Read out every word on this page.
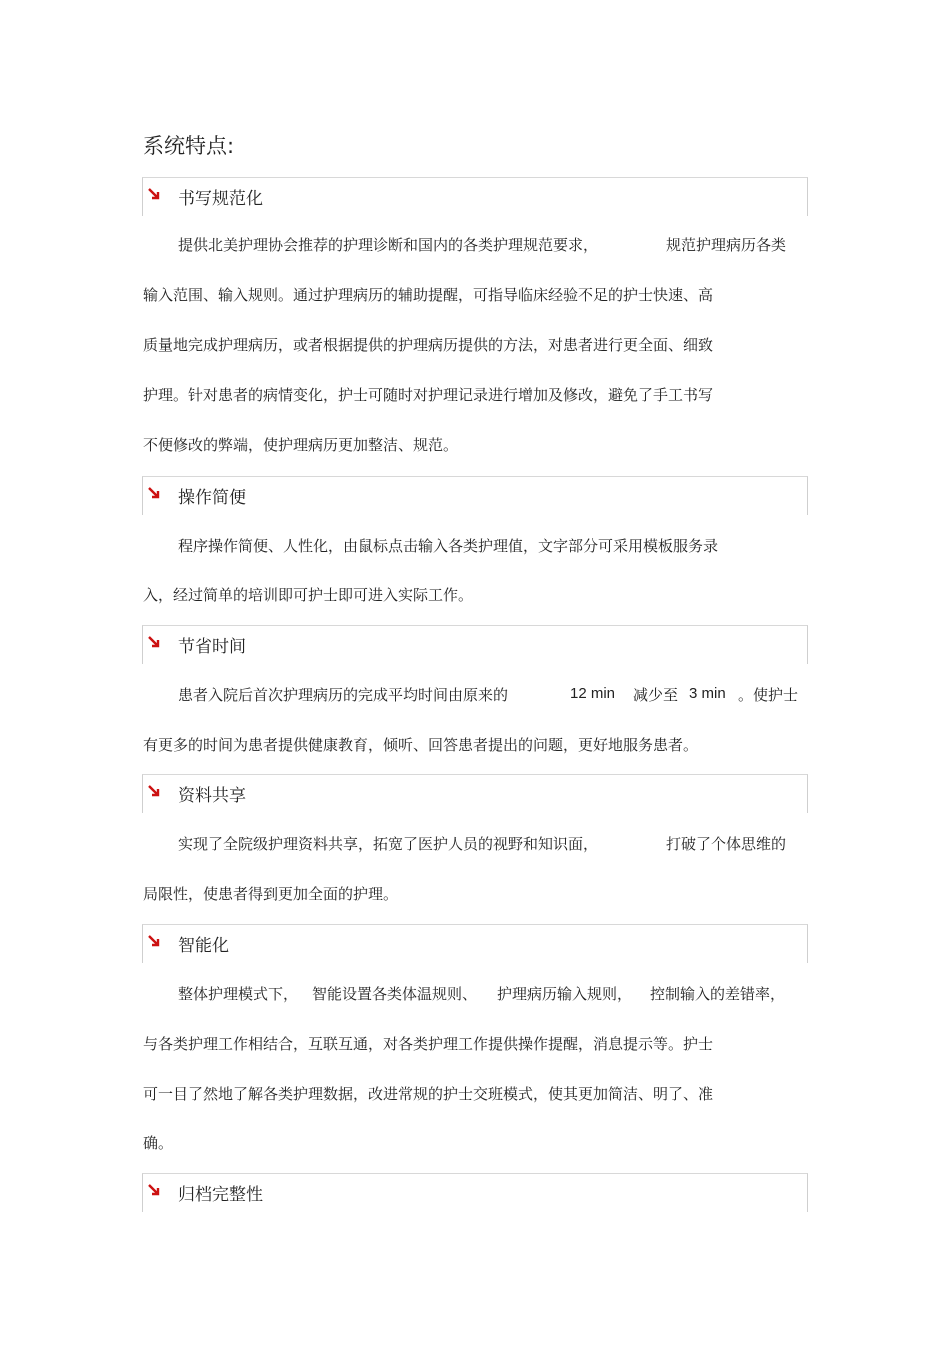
系统特点:
书写规范化
提供北美护理协会推荐的护理诊断和国内的各类护理规范要求，	规范护理病历各类
输入范围、输入规则。通过护理病历的辅助提醒，可指导临床经验不足的护士快速、高
质量地完成护理病历，或者根据提供的护理病历提供的方法，对患者进行更全面、细致
护理。针对患者的病情变化，护士可随时对护理记录进行增加及修改，避免了手工书写
不便修改的弊端，使护理病历更加整洁、规范。
操作简便
程序操作简便、人性化，由鼠标点击输入各类护理值，文字部分可采用模板服务录
入，经过简单的培训即可护士即可进入实际工作。
节省时间
患者入院后首次护理病历的完成平均时间由原来的	12 min 减少至 3 min 。使护士
有更多的时间为患者提供健康教育，倾听、回答患者提出的问题，更好地服务患者。
资料共享
实现了全院级护理资料共享，拓宽了医护人员的视野和知识面，	打破了个体思维的
局限性，使患者得到更加全面的护理。
智能化
整体护理模式下， 智能设置各类体温规则、 护理病历输入规则， 控制输入的差错率，
与各类护理工作相结合，互联互通，对各类护理工作提供操作提醒，消息提示等。护士
可一目了然地了解各类护理数据，改进常规的护士交班模式，使其更加简洁、明了、准
确。
归档完整性
